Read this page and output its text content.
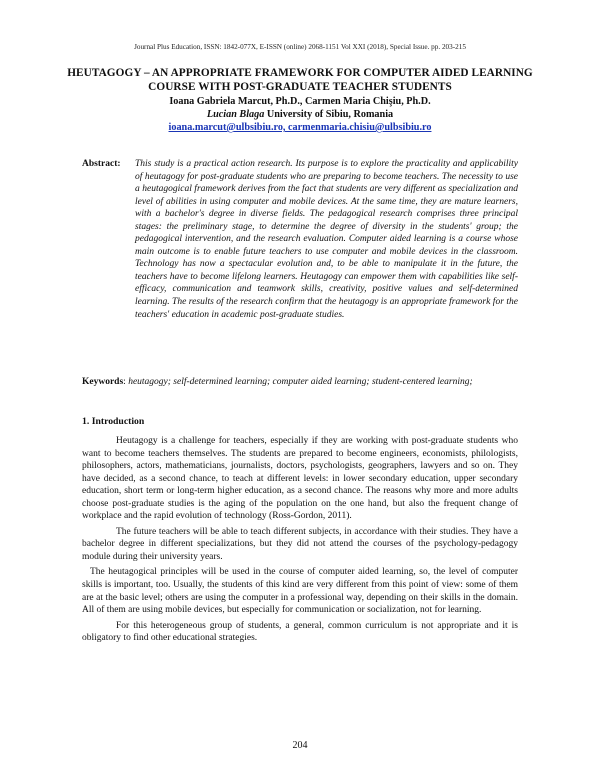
Journal Plus Education, ISSN: 1842-077X, E-ISSN (online) 2068-1151 Vol XXI (2018), Special Issue. pp. 203-215
HEUTAGOGY – AN APPROPRIATE FRAMEWORK FOR COMPUTER AIDED LEARNING COURSE WITH POST-GRADUATE TEACHER STUDENTS
Ioana Gabriela Marcut, Ph.D., Carmen Maria Chişiu, Ph.D.
Lucian Blaga University of Sibiu, Romania
ioana.marcut@ulbsibiu.ro, carmenmaria.chisiu@ulbsibiu.ro
Abstract:	This study is a practical action research. Its purpose is to explore the practicality and applicability of heutagogy for post-graduate students who are preparing to become teachers. The necessity to use a heutagogical framework derives from the fact that students are very different as specialization and level of abilities in using computer and mobile devices. At the same time, they are mature learners, with a bachelor's degree in diverse fields. The pedagogical research comprises three principal stages: the preliminary stage, to determine the degree of diversity in the students' group; the pedagogical intervention, and the research evaluation. Computer aided learning is a course whose main outcome is to enable future teachers to use computer and mobile devices in the classroom. Technology has now a spectacular evolution and, to be able to manipulate it in the future, the teachers have to become lifelong learners. Heutagogy can empower them with capabilities like self-efficacy, communication and teamwork skills, creativity, positive values and self-determined learning. The results of the research confirm that the heutagogy is an appropriate framework for the teachers' education in academic post-graduate studies.
Keywords: heutagogy; self-determined learning; computer aided learning; student-centered learning;
1. Introduction

Heutagogy is a challenge for teachers, especially if they are working with post-graduate students who want to become teachers themselves. The students are prepared to become engineers, economists, philologists, philosophers, actors, mathematicians, journalists, doctors, psychologists, geographers, lawyers and so on. They have decided, as a second chance, to teach at different levels: in lower secondary education, upper secondary education, short term or long-term higher education, as a second chance. The reasons why more and more adults choose post-graduate studies is the aging of the population on the one hand, but also the frequent change of workplace and the rapid evolution of technology (Ross-Gordon, 2011).

The future teachers will be able to teach different subjects, in accordance with their studies. They have a bachelor degree in different specializations, but they did not attend the courses of the psychology-pedagogy module during their university years.

The heutagogical principles will be used in the course of computer aided learning, so, the level of computer skills is important, too. Usually, the students of this kind are very different from this point of view: some of them are at the basic level; others are using the computer in a professional way, depending on their skills in the domain. All of them are using mobile devices, but especially for communication or socialization, not for learning.

For this heterogeneous group of students, a general, common curriculum is not appropriate and it is obligatory to find other educational strategies.

204
